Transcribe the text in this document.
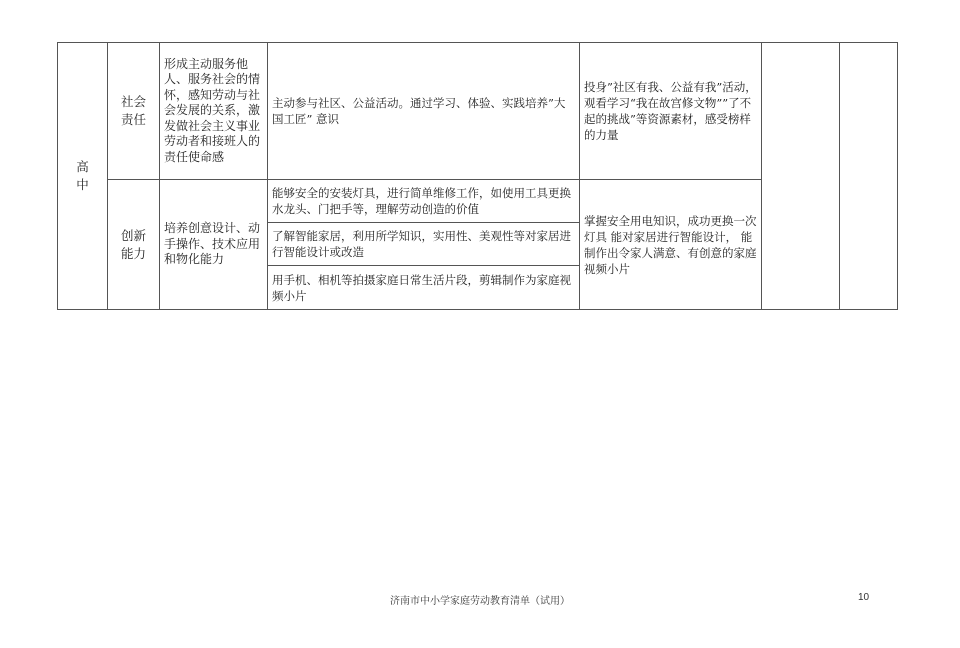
高中	社会责任	形成主动服务他人、服务社会的情怀，感知劳动与社会发展的关系，激发做社会主义事业劳动者和接班人的责任使命感	主动参与社区、公益活动。通过学习、体验、实践培养”大国工匠” 意识	投身”社区有我、公益有我”活动，观看学习“我在故宫修文物””了不起的挑战”等资源素材，感受榜样的力量		
	创新能力	培养创意设计、动手操作、技术应用和物化能力	能够安全的安装灯具，进行简单维修工作，如使用工具更换水龙头、门把手等，理解劳动创造的价值	掌握安全用电知识，成功更换一次灯具 能对家居进行智能设计， 能制作出令家人满意、有创意的家庭视频小片		
			了解智能家居，利用所学知识，实用性、美观性等对家居进行智能设计或改造			
			用手机、相机等拍摄家庭日常生活片段，剪辑制作为家庭视频小片			
济南市中小学家庭劳动教育清单（试用）	10
